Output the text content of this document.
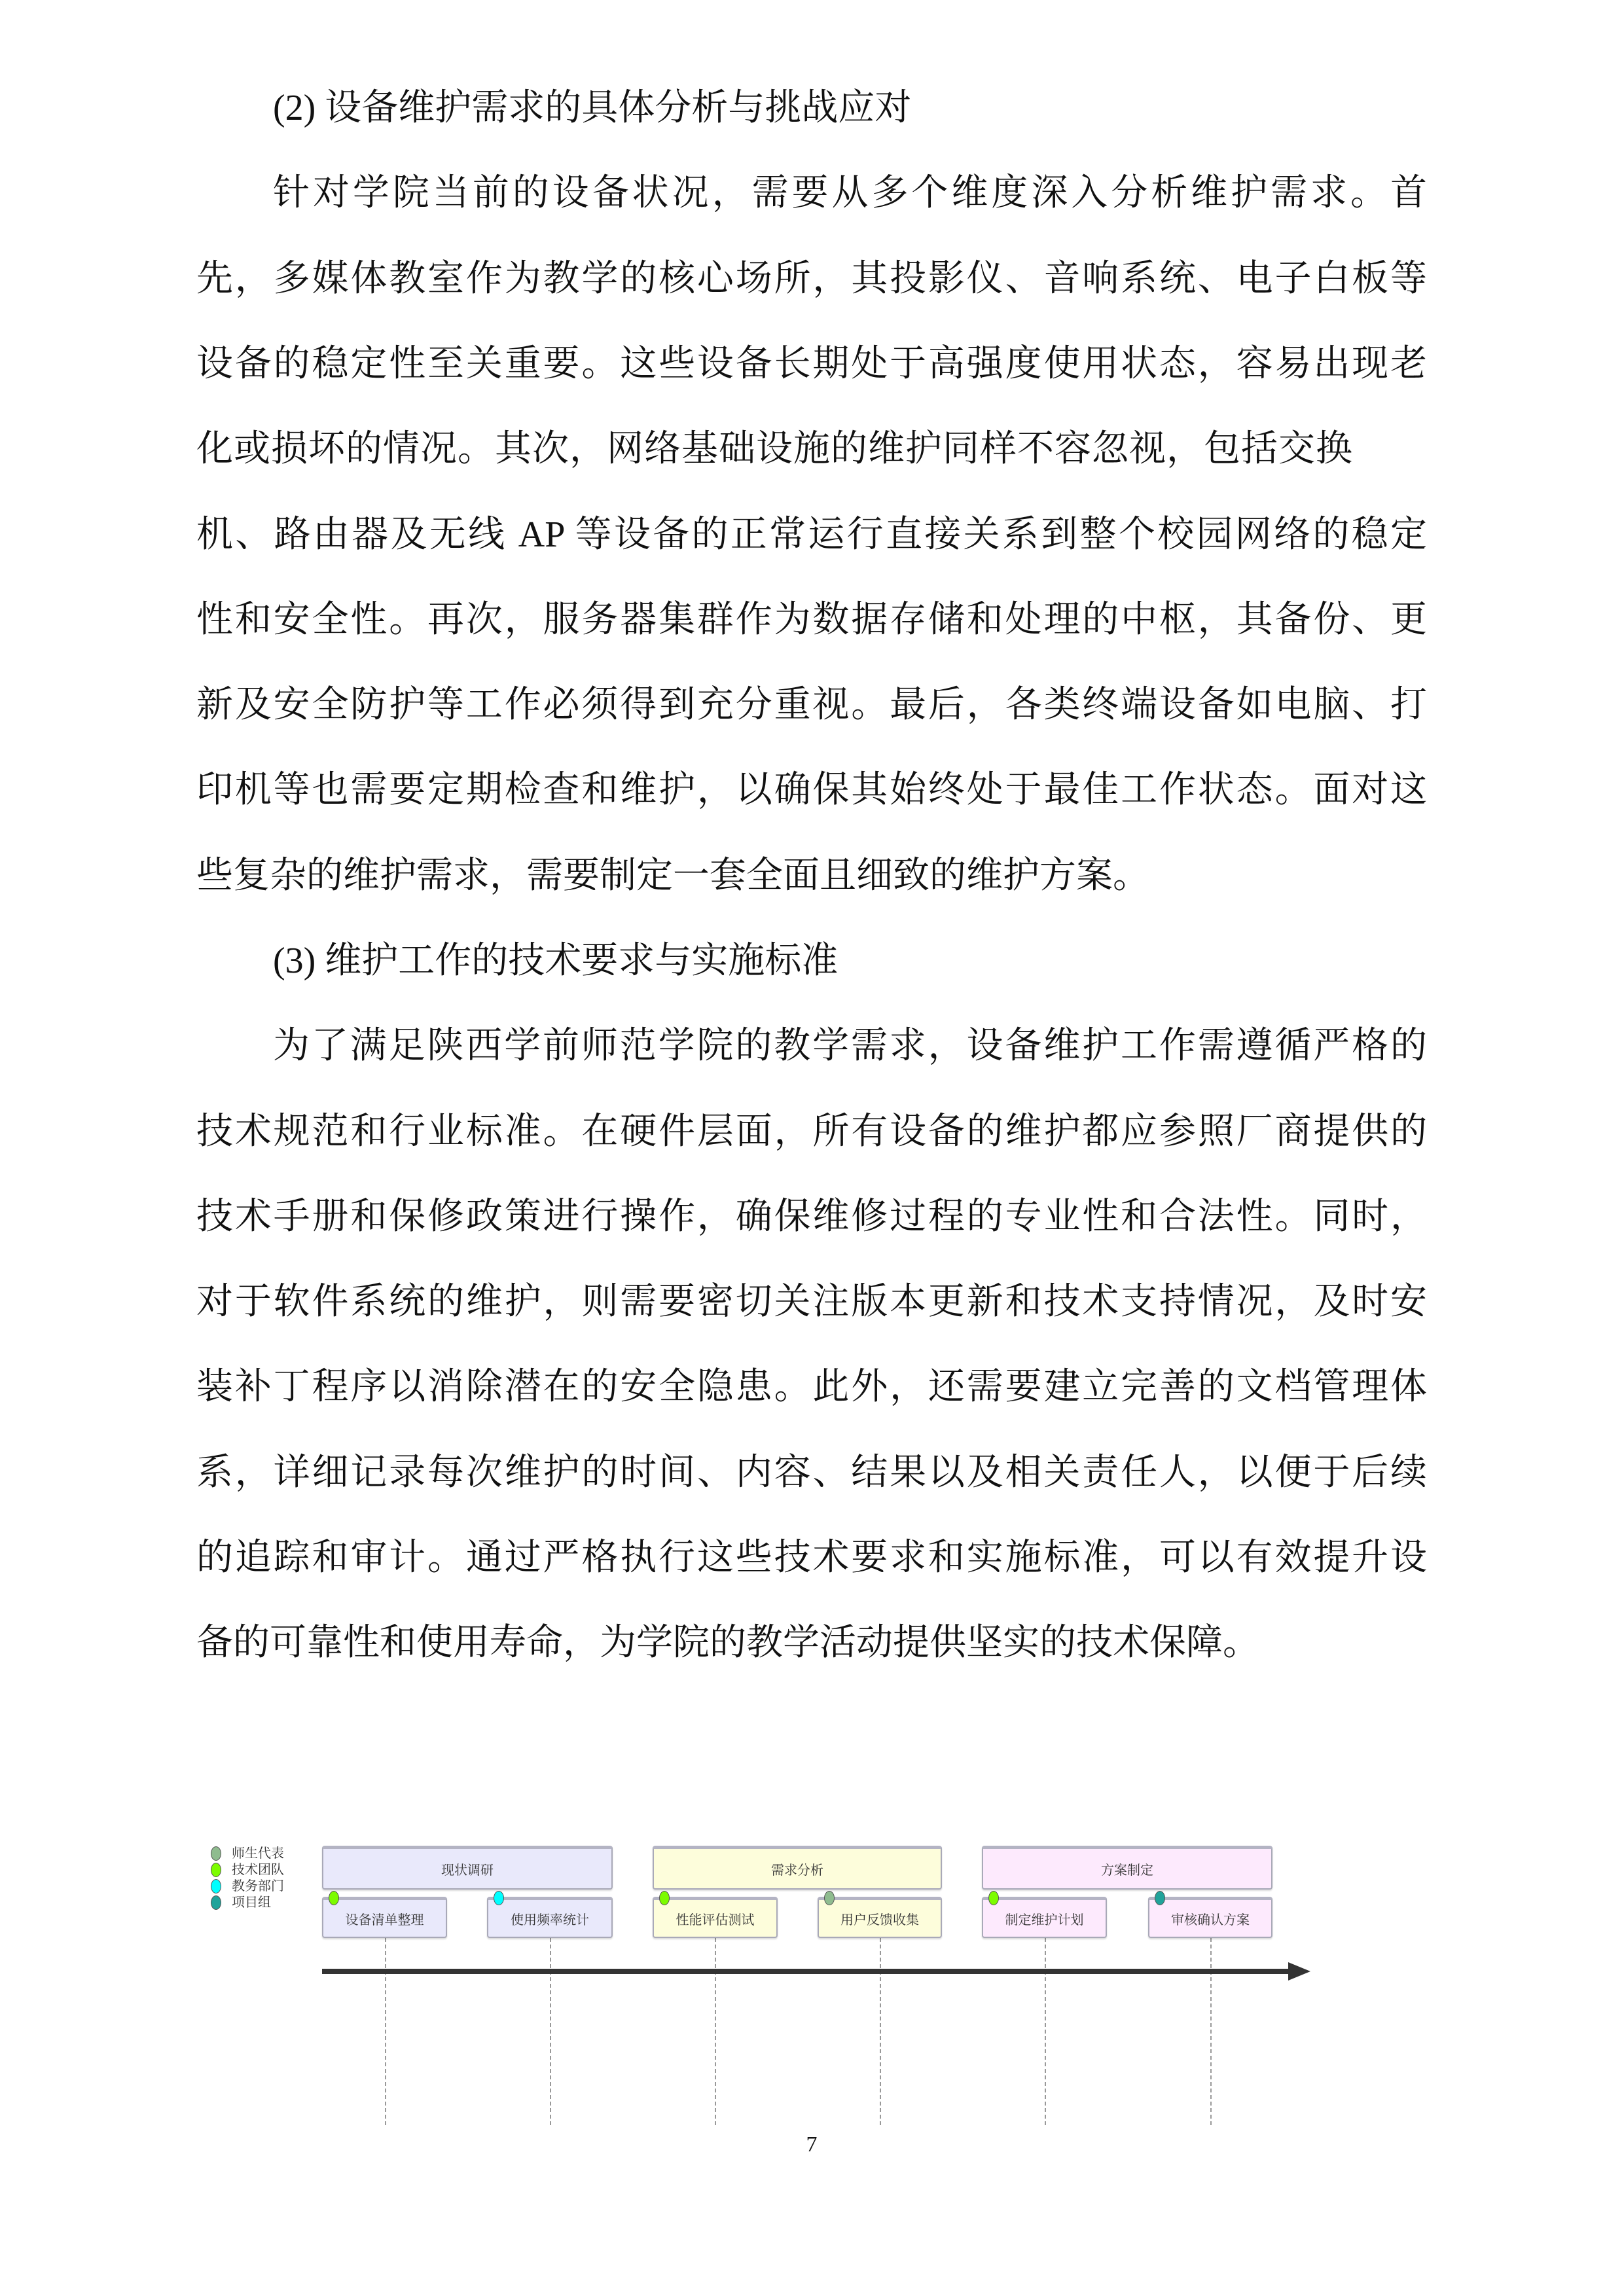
(2) 设备维护需求的具体分析与挑战应对
针对学院当前的设备状况，需要从多个维度深入分析维护需求。首
先，多媒体教室作为教学的核心场所，其投影仪、音响系统、电子白板等
设备的稳定性至关重要。这些设备长期处于高强度使用状态，容易出现老
化或损坏的情况。其次，网络基础设施的维护同样不容忽视，包括交换
机、路由器及无线 AP 等设备的正常运行直接关系到整个校园网络的稳定
性和安全性。再次，服务器集群作为数据存储和处理的中枢，其备份、更
新及安全防护等工作必须得到充分重视。最后，各类终端设备如电脑、打
印机等也需要定期检查和维护，以确保其始终处于最佳工作状态。面对这
些复杂的维护需求，需要制定一套全面且细致的维护方案。
(3) 维护工作的技术要求与实施标准
为了满足陕西学前师范学院的教学需求，设备维护工作需遵循严格的
技术规范和行业标准。在硬件层面，所有设备的维护都应参照厂商提供的
技术手册和保修政策进行操作，确保维修过程的专业性和合法性。同时，
对于软件系统的维护，则需要密切关注版本更新和技术支持情况，及时安
装补丁程序以消除潜在的安全隐患。此外，还需要建立完善的文档管理体
系，详细记录每次维护的时间、内容、结果以及相关责任人，以便于后续
的追踪和审计。通过严格执行这些技术要求和实施标准，可以有效提升设
备的可靠性和使用寿命，为学院的教学活动提供坚实的技术保障。
师生代表
技术团队
教务部门
项目组
现状调研	需求分析	方案制定
设备清单整理	使用频率统计	性能评估测试	用户反馈收集	制定维护计划	审核确认方案
7
